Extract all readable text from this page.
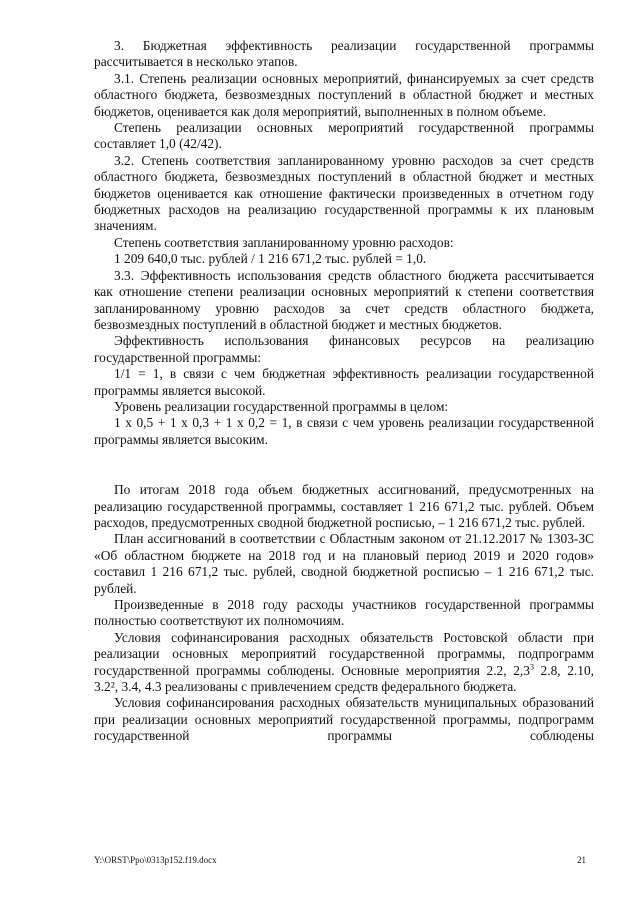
3. Бюджетная эффективность реализации государственной программы рассчитывается в несколько этапов.

3.1. Степень реализации основных мероприятий, финансируемых за счет средств областного бюджета, безвозмездных поступлений в областной бюджет и местных бюджетов, оценивается как доля мероприятий, выполненных в полном объеме.

Степень реализации основных мероприятий государственной программы составляет 1,0 (42/42).

3.2. Степень соответствия запланированному уровню расходов за счет средств областного бюджета, безвозмездных поступлений в областной бюджет и местных бюджетов оценивается как отношение фактически произведенных в отчетном году бюджетных расходов на реализацию государственной программы к их плановым значениям.

Степень соответствия запланированному уровню расходов:

1 209 640,0 тыс. рублей / 1 216 671,2 тыс. рублей = 1,0.

3.3. Эффективность использования средств областного бюджета рассчитывается как отношение степени реализации основных мероприятий к степени соответствия запланированному уровню расходов за счет средств областного бюджета, безвозмездных поступлений в областной бюджет и местных бюджетов.

Эффективность использования финансовых ресурсов на реализацию государственной программы:

1/1 = 1, в связи с чем бюджетная эффективность реализации государственной программы является высокой.

Уровень реализации государственной программы в целом:

1 x 0,5 + 1 x 0,3 + 1 x 0,2 = 1, в связи с чем уровень реализации государственной программы является высоким.

По итогам 2018 года объем бюджетных ассигнований, предусмотренных на реализацию государственной программы, составляет 1 216 671,2 тыс. рублей. Объем расходов, предусмотренных сводной бюджетной росписью, – 1 216 671,2 тыс. рублей.

План ассигнований в соответствии с Областным законом от 21.12.2017 № 1303-ЗС «Об областном бюджете на 2018 год и на плановый период 2019 и 2020 годов» составил 1 216 671,2 тыс. рублей, сводной бюджетной росписью – 1 216 671,2 тыс. рублей.

Произведенные в 2018 году расходы участников государственной программы полностью соответствуют их полномочиям.

Условия софинансирования расходных обязательств Ростовской области при реализации основных мероприятий государственной программы, подпрограмм государственной программы соблюдены. Основные мероприятия 2.2, $2,3^3$ 2.8, 2.10, 3.2², 3.4, 4.3 реализованы с привлечением средств федерального бюджета.

Условия софинансирования расходных обязательств муниципальных образований при реализации основных мероприятий государственной программы, подпрограмм государственной программы соблюдены

Y:\ORST\Ppo\0313p152.f19.docx	21
